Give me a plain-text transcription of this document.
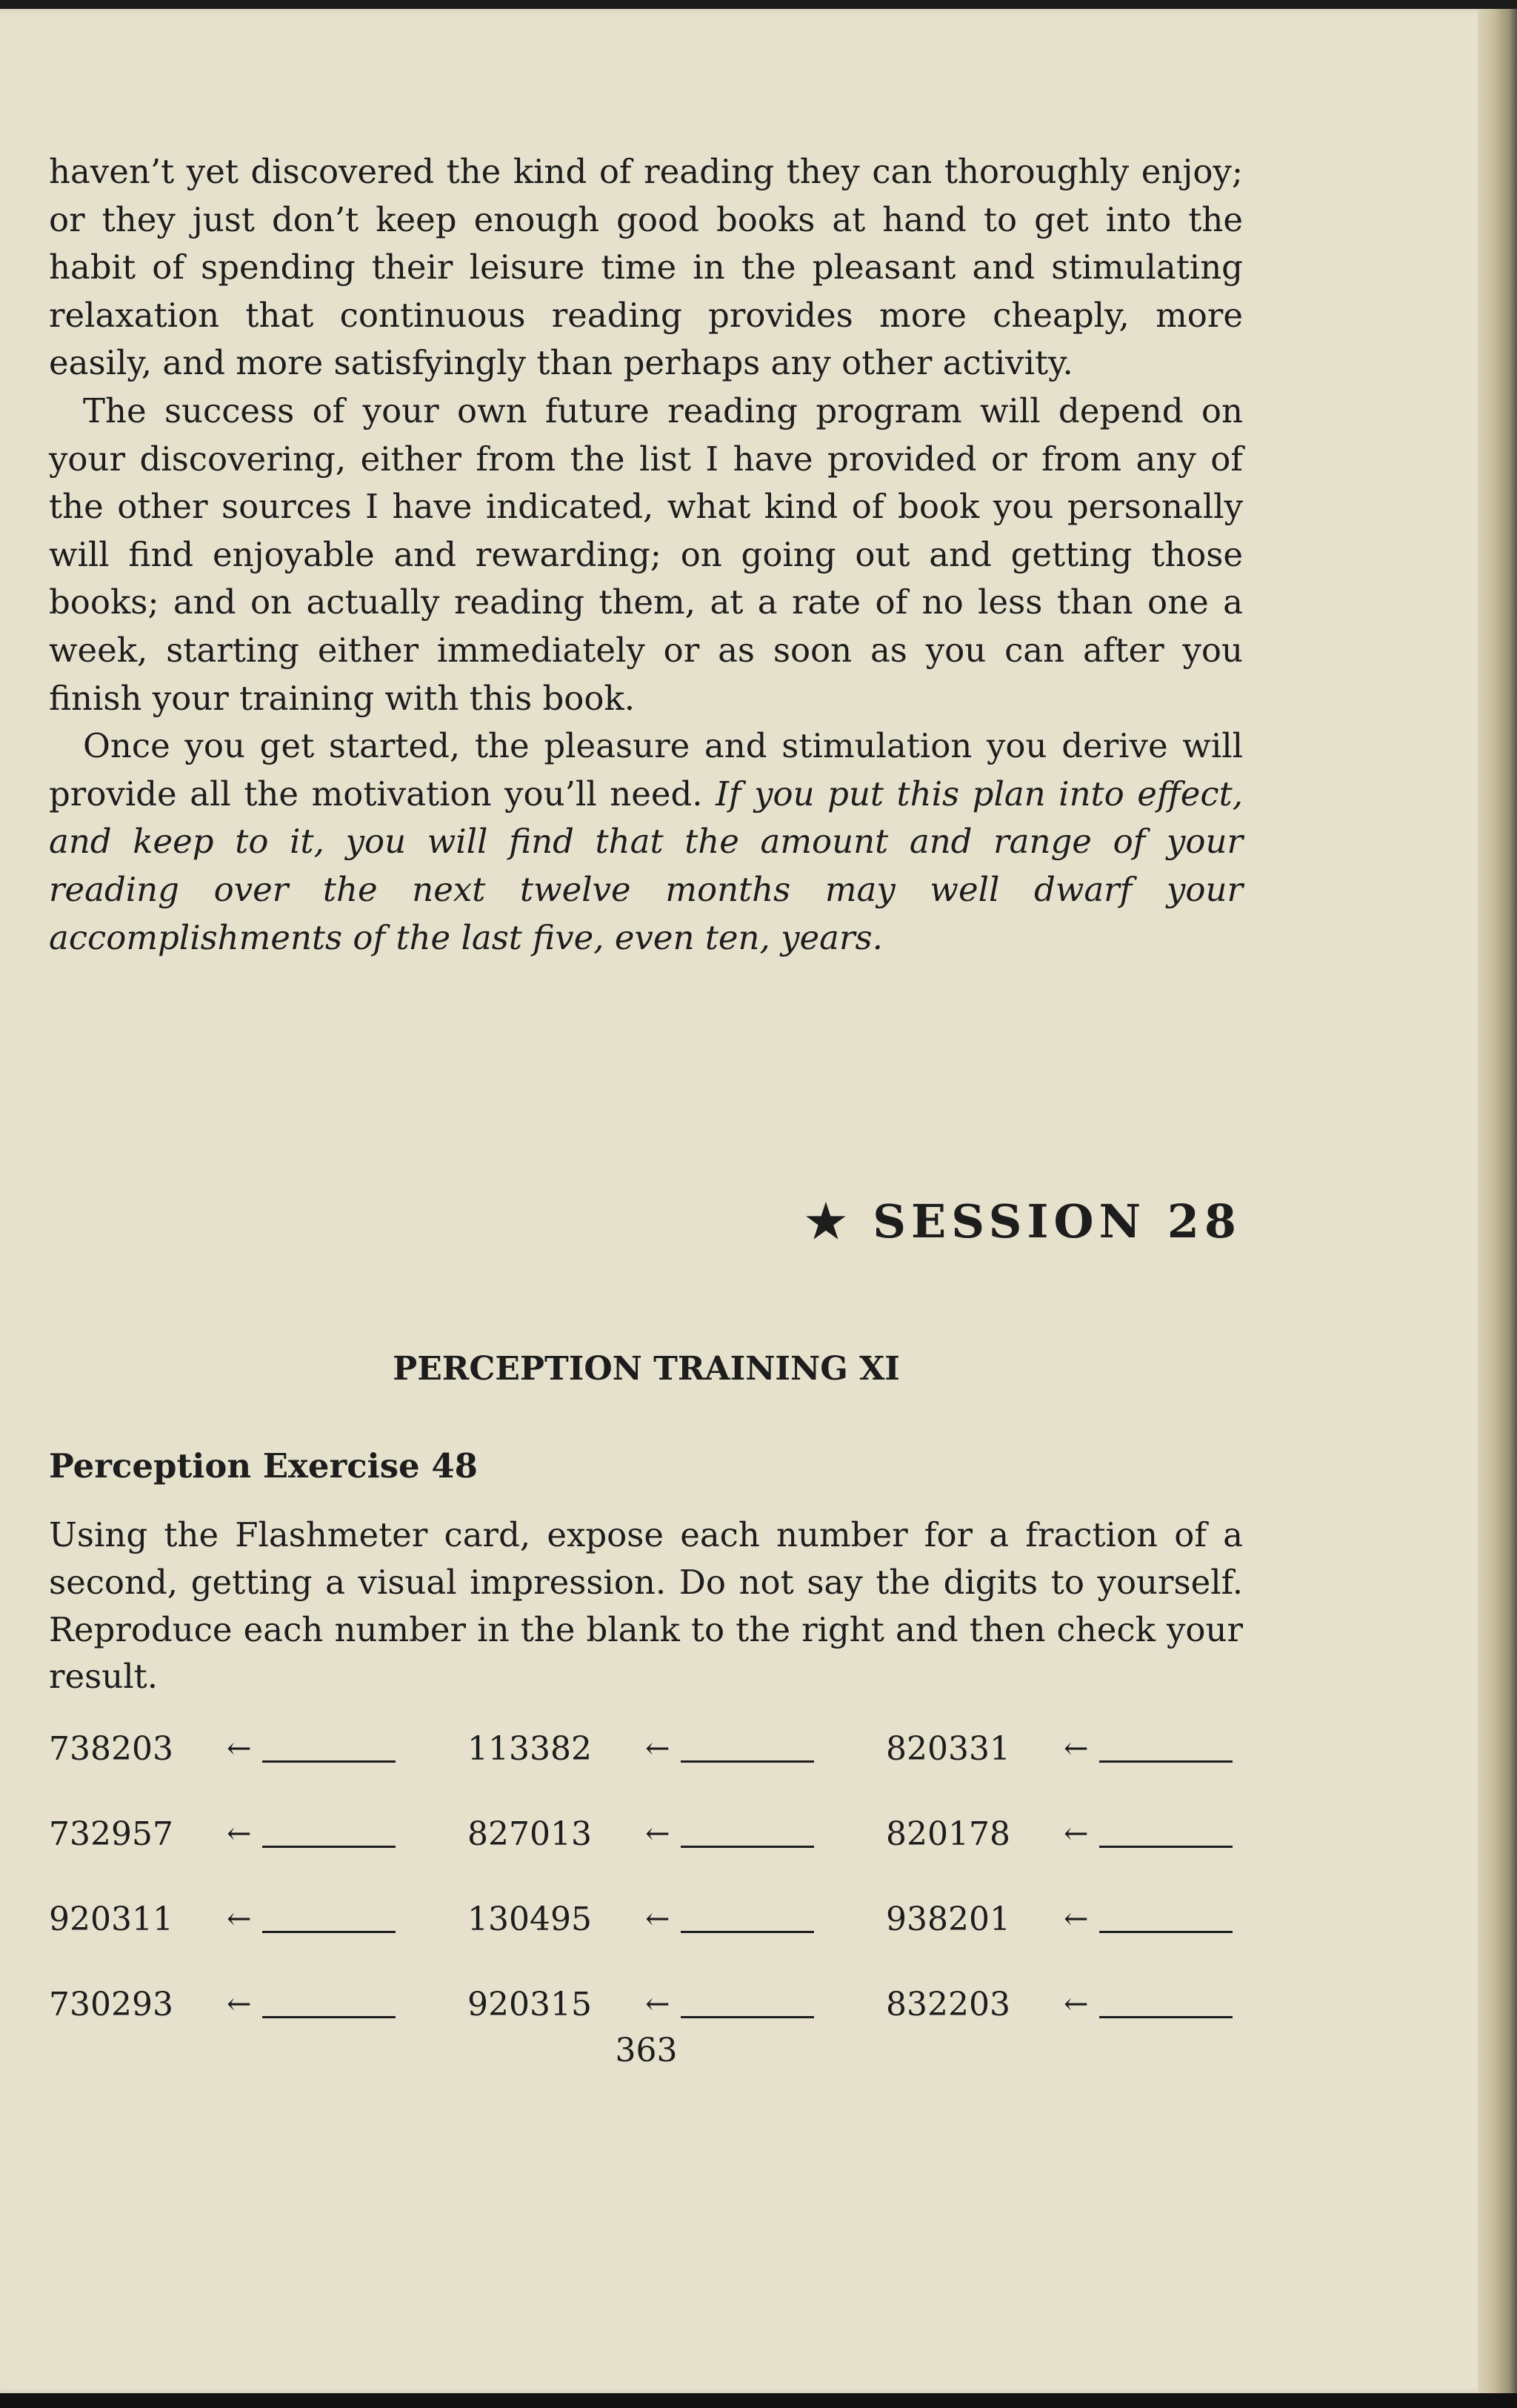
haven’t yet discovered the kind of reading they can thoroughly enjoy; or they just don’t keep enough good books at hand to get into the habit of spending their leisure time in the pleasant and stimulating relaxation that continuous reading provides more cheaply, more easily, and more satisfyingly than perhaps any other activity.

The success of your own future reading program will depend on your discovering, either from the list I have provided or from any of the other sources I have indicated, what kind of book you personally will find enjoyable and rewarding; on going out and getting those books; and on actually reading them, at a rate of no less than one a week, starting either immediately or as soon as you can after you finish your training with this book.

Once you get started, the pleasure and stimulation you derive will provide all the motivation you’ll need. If you put this plan into effect, and keep to it, you will find that the amount and range of your reading over the next twelve months may well dwarf your accomplishments of the last five, even ten, years.

★ SESSION 28
PERCEPTION TRAINING XI
Perception Exercise 48
Using the Flashmeter card, expose each number for a fraction of a second, getting a visual impression. Do not say the digits to yourself. Reproduce each number in the blank to the right and then check your result.
738203	←	113382	←	820331	←
732957	←	827013	←	820178	←
920311	←	130495	←	938201	←
730293	←	920315	←	832203	←
363
